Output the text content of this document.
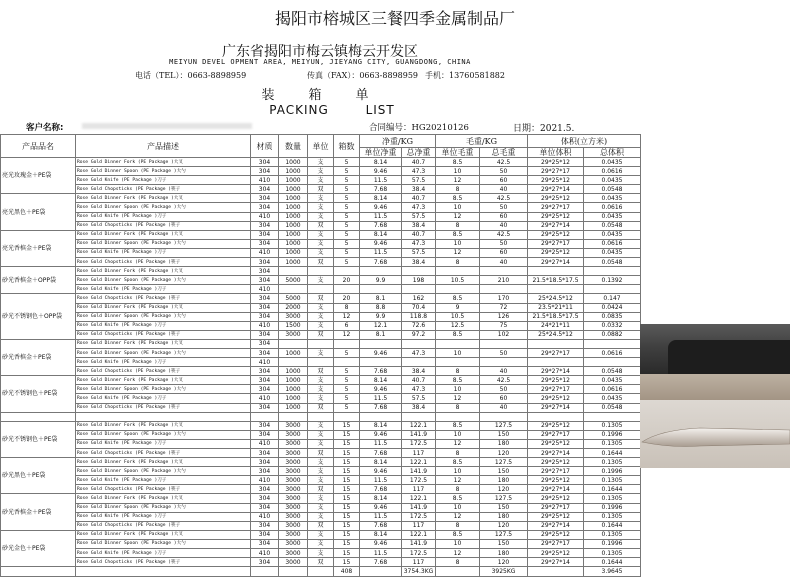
揭阳市榕城区三餐四季金属制品厂
广东省揭阳市梅云镇梅云开发区
MEIYUN DEVEL OPMENT AREA, MEIYUN, JIEYANG CITY, GUANGDONG, CHINA
电话（TEL）：0663-8898959	传真（FAX）：0663-8898959 手机：13760581882
装箱单
PACKING LIST
客户名称:	合同编号：HG20210126	日期：2021.5.
产品品名	产品描述	材质	数量	单位	箱数	净重/KG		毛重/KG		体积(立方米)	
						单位净重	总净重	单位毛重	总毛重	单位体积	总体积
亮光玫瑰金＋PE袋	Rose Gold Dinner Fork (PE Package )大叉	304	1000	支	5	8.14	40.7	8.5	42.5	29*25*12	0.0435
	Rose Gold Dinner Spoon (PE Package )大勺	304	1000	支	5	9.46	47.3	10	50	29*27*17	0.0616
	Rose Gold Knife (PE Package )刀子	410	1000	支	5	11.5	57.5	12	60	29*25*12	0.0435
	Rose Gold Chopsticks (PE Package )筷子	304	1000	双	5	7.68	38.4	8	40	29*27*14	0.0548
亮光黑色＋PE袋	Rose Gold Dinner Fork (PE Package )大叉	304	1000	支	5	8.14	40.7	8.5	42.5	29*25*12	0.0435
	Rose Gold Dinner Spoon (PE Package )大勺	304	1000	支	5	9.46	47.3	10	50	29*27*17	0.0616
	Rose Gold Knife (PE Package )刀子	410	1000	支	5	11.5	57.5	12	60	29*25*12	0.0435
	Rose Gold Chopsticks (PE Package )筷子	304	1000	双	5	7.68	38.4	8	40	29*27*14	0.0548
亮光香槟金＋PE袋	Rose Gold Dinner Fork (PE Package )大叉	304	1000	支	5	8.14	40.7	8.5	42.5	29*25*12	0.0435
	Rose Gold Dinner Spoon (PE Package )大勺	304	1000	支	5	9.46	47.3	10	50	29*27*17	0.0616
	Rose Gold Knife (PE Package )刀子	410	1000	支	5	11.5	57.5	12	60	29*25*12	0.0435
	Rose Gold Chopsticks (PE Package )筷子	304	1000	双	5	7.68	38.4	8	40	29*27*14	0.0548
砂光香槟金＋OPP袋	Rose Gold Dinner Fork (PE Package )大叉	304									
	Rose Gold Dinner Spoon (PE Package )大勺	304	5000	支	20	9.9	198	10.5	210	21.5*18.5*17.5	0.1392
	Rose Gold Knife (PE Package )刀子	410									
砂光不锈钢色＋OPP袋	Rose Gold Chopsticks (PE Package )筷子	304	5000	双	20	8.1	162	8.5	170	25*24.5*12	0.147
	Rose Gold Dinner Fork (PE Package )大叉	304	2000	支	8	8.8	70.4	9	72	23.5*21*11	0.0424
	Rose Gold Dinner Spoon (PE Package )大勺	304	3000	支	12	9.9	118.8	10.5	126	21.5*18.5*17.5	0.0835
	Rose Gold Knife (PE Package )刀子	410	1500	支	6	12.1	72.6	12.5	75	24*21*11	0.0332
	Rose Gold Chopsticks (PE Package )筷子	304	3000	双	12	8.1	97.2	8.5	102	25*24.5*12	0.0882
砂光香槟金＋PE袋	Rose Gold Dinner Fork (PE Package )大叉	304									
	Rose Gold Dinner Spoon (PE Package )大勺	304	1000	支	5	9.46	47.3	10	50	29*27*17	0.0616
	Rose Gold Knife (PE Package )刀子	410									
	Rose Gold Chopsticks (PE Package )筷子	304	1000	双	5	7.68	38.4	8	40	29*27*14	0.0548
砂光不锈钢色＋PE袋	Rose Gold Dinner Fork (PE Package )大叉	304	1000	支	5	8.14	40.7	8.5	42.5	29*25*12	0.0435
	Rose Gold Dinner Spoon (PE Package )大勺	304	1000	支	5	9.46	47.3	10	50	29*27*17	0.0616
	Rose Gold Knife (PE Package )刀子	410	1000	支	5	11.5	57.5	12	60	29*25*12	0.0435
	Rose Gold Chopsticks (PE Package )筷子	304	1000	双	5	7.68	38.4	8	40	29*27*14	0.0548

砂光不锈钢色＋PE袋	Rose Gold Dinner Fork (PE Package )大叉	304	3000	支	15	8.14	122.1	8.5	127.5	29*25*12	0.1305
	Rose Gold Dinner Spoon (PE Package )大勺	304	3000	支	15	9.46	141.9	10	150	29*27*17	0.1996
	Rose Gold Knife (PE Package )刀子	410	3000	支	15	11.5	172.5	12	180	29*25*12	0.1305
	Rose Gold Chopsticks (PE Package )筷子	304	3000	双	15	7.68	117	8	120	29*27*14	0.1644
砂光黑色＋PE袋	Rose Gold Dinner Fork (PE Package )大叉	304	3000	支	15	8.14	122.1	8.5	127.5	29*25*12	0.1305
	Rose Gold Dinner Spoon (PE Package )大勺	304	3000	支	15	9.46	141.9	10	150	29*27*17	0.1996
	Rose Gold Knife (PE Package )刀子	410	3000	支	15	11.5	172.5	12	180	29*25*12	0.1305
	Rose Gold Chopsticks (PE Package )筷子	304	3000	双	15	7.68	117	8	120	29*27*14	0.1644
砂光香槟金＋PE袋	Rose Gold Dinner Fork (PE Package )大叉	304	3000	支	15	8.14	122.1	8.5	127.5	29*25*12	0.1305
	Rose Gold Dinner Spoon (PE Package )大勺	304	3000	支	15	9.46	141.9	10	150	29*27*17	0.1996
	Rose Gold Knife (PE Package )刀子	410	3000	支	15	11.5	172.5	12	180	29*25*12	0.1305
	Rose Gold Chopsticks (PE Package )筷子	304	3000	双	15	7.68	117	8	120	29*27*14	0.1644
砂光金色＋PE袋	Rose Gold Dinner Fork (PE Package )大叉	304	3000	支	15	8.14	122.1	8.5	127.5	29*25*12	0.1305
	Rose Gold Dinner Spoon (PE Package )大勺	304	3000	支	15	9.46	141.9	10	150	29*27*17	0.1996
	Rose Gold Knife (PE Package )刀子	410	3000	支	15	11.5	172.5	12	180	29*25*12	0.1305
	Rose Gold Chopsticks (PE Package )筷子	304	3000	双	15	7.68	117	8	120	29*27*14	0.1644
					408		3754.3KG		3925KG		3.9645
